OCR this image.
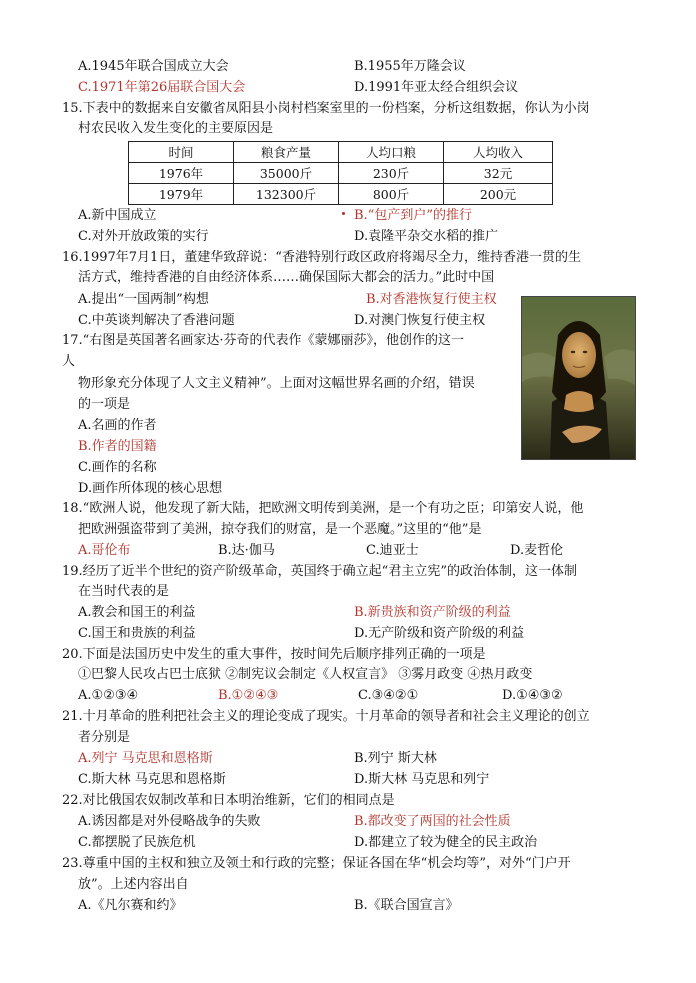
A.1945年联合国成立大会	B.1955年万隆会议
C.1971年第26届联合国大会	D.1991年亚太经合组织会议
15.下表中的数据来自安徽省凤阳县小岗村档案室里的一份档案，分析这组数据，你认为小岗
村农民收入发生变化的主要原因是
时间	粮食产量	人均口粮	人均收入
1976年	35000斤	230斤	32元
1979年	132300斤	800斤	200元
A.新中国成立	B.“包产到户”的推行
C.对外开放政策的实行	D.袁隆平杂交水稻的推广
16.1997年7月1日，董建华致辞说：“香港特别行政区政府将竭尽全力，维持香港一贯的生
活方式，维持香港的自由经济体系……确保国际大都会的活力。”此时中国
A.提出“一国两制”构想	B.对香港恢复行使主权
C.中英谈判解决了香港问题	D.对澳门恢复行使主权
17.“右图是英国著名画家达·芬奇的代表作《蒙娜丽莎》，他创作的这一
人
物形象充分体现了人文主义精神”。上面对这幅世界名画的介绍，错误
的一项是
A.名画的作者
B.作者的国籍
C.画作的名称
D.画作所体现的核心思想
18.“欧洲人说，他发现了新大陆，把欧洲文明传到美洲，是一个有功之臣；印第安人说，他
把欧洲强盗带到了美洲，掠夺我们的财富，是一个恶魔。”这里的“他”是
A.哥伦布	B.达·伽马	C.迪亚士	D.麦哲伦
19.经历了近半个世纪的资产阶级革命，英国终于确立起“君主立宪”的政治体制，这一体制
在当时代表的是
A.教会和国王的利益	B.新贵族和资产阶级的利益
C.国王和贵族的利益	D.无产阶级和资产阶级的利益
20.下面是法国历史中发生的重大事件，按时间先后顺序排列正确的一项是
①巴黎人民攻占巴士底狱 ②制宪议会制定《人权宣言》 ③雾月政变 ④热月政变
A.①②③④	B.①②④③	C.③④②①	D.①④③②
21.十月革命的胜利把社会主义的理论变成了现实。十月革命的领导者和社会主义理论的创立
者分别是
A.列宁 马克思和恩格斯	B.列宁 斯大林
C.斯大林 马克思和恩格斯	D.斯大林 马克思和列宁
22.对比俄国农奴制改革和日本明治维新，它们的相同点是
A.诱因都是对外侵略战争的失败	B.都改变了两国的社会性质
C.都摆脱了民族危机	D.都建立了较为健全的民主政治
23.尊重中国的主权和独立及领土和行政的完整；保证各国在华“机会均等”，对外“门户开
放”。上述内容出自
A.《凡尔赛和约》	B.《联合国宣言》
